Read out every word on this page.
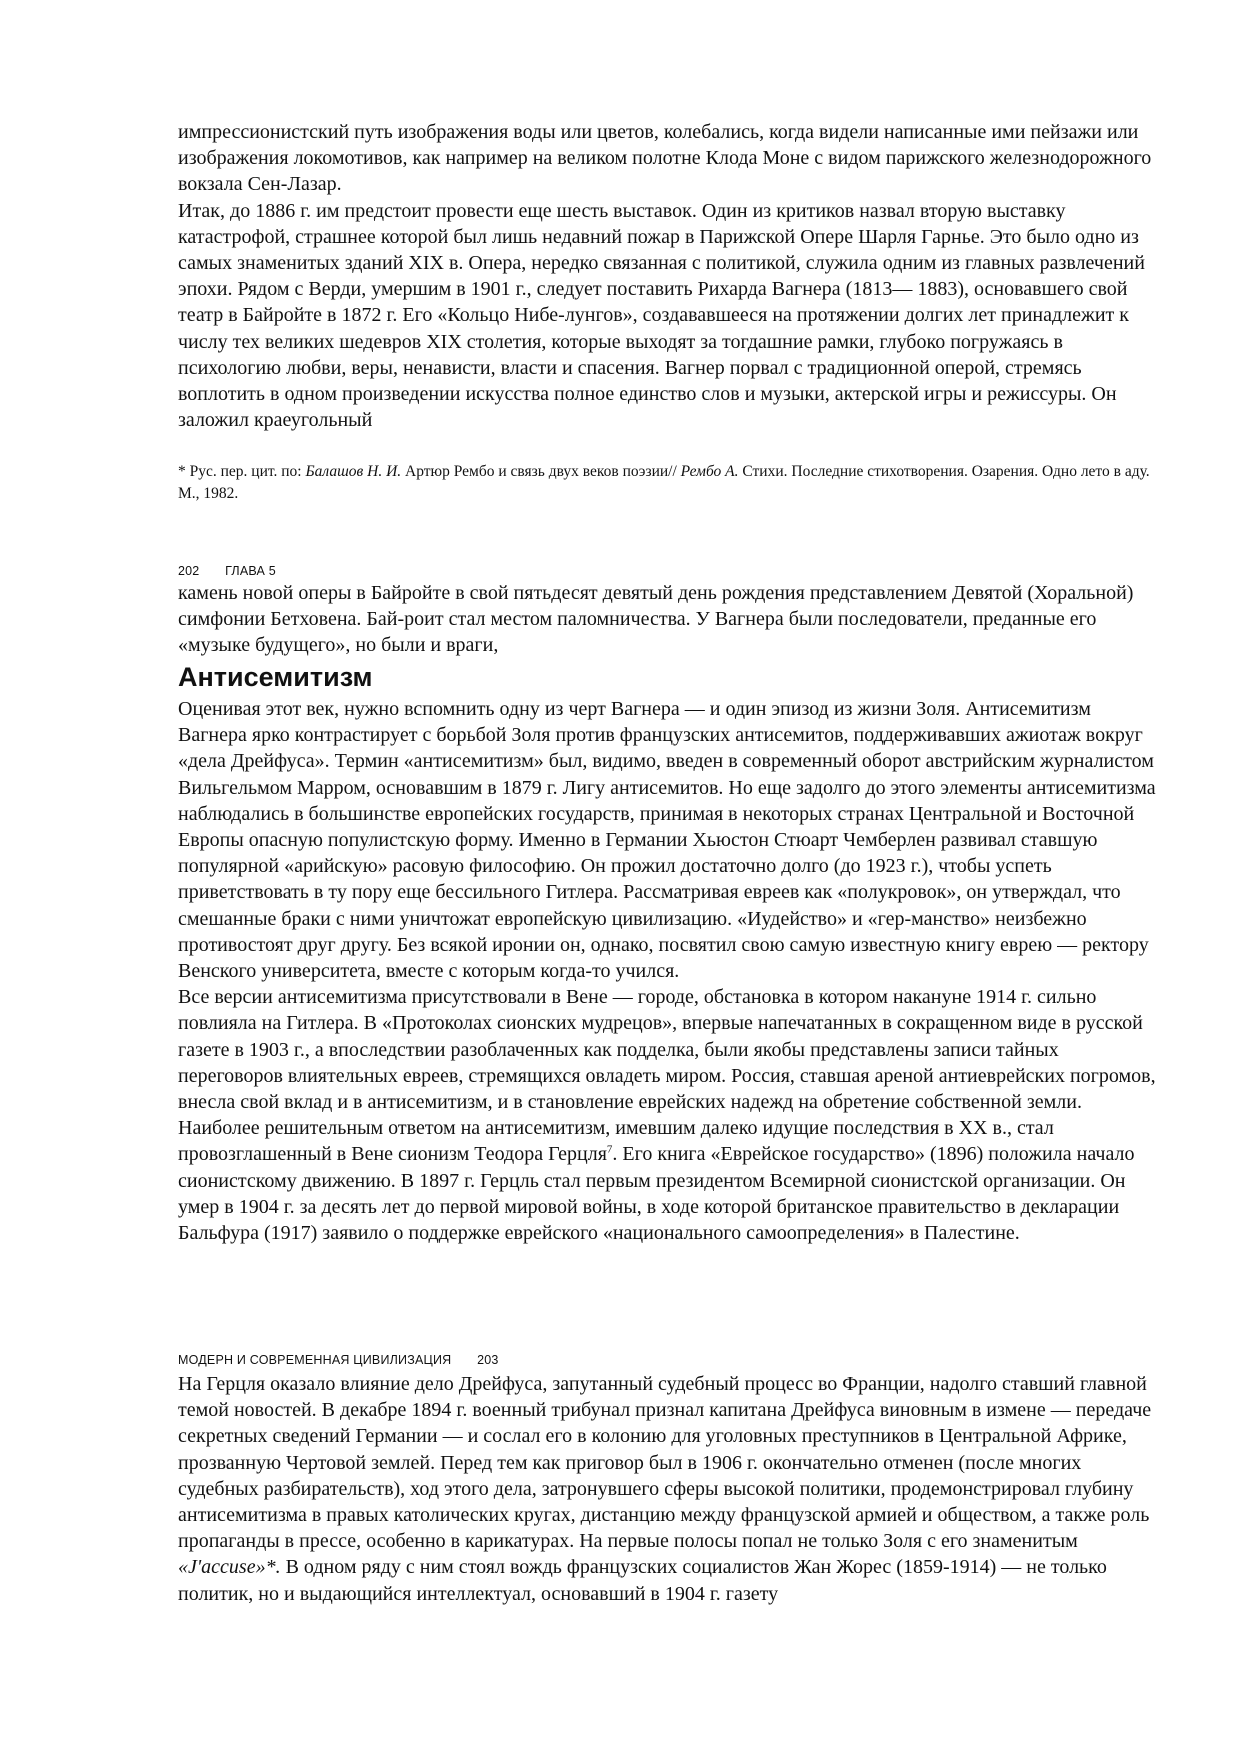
импрессионистский путь изображения воды или цветов, колебались, когда видели написанные ими пейзажи или изображения локомотивов, как например на великом полотне Клода Моне с видом парижского железнодорожного вокзала Сен-Лазар.

Итак, до 1886 г. им предстоит провести еще шесть выставок. Один из критиков назвал вторую выставку катастрофой, страшнее которой был лишь недавний пожар в Парижской Опере Шарля Гарнье. Это было одно из самых знаменитых зданий XIX в. Опера, нередко связанная с политикой, служила одним из главных развлечений эпохи. Рядом с Верди, умершим в 1901 г., следует поставить Рихарда Вагнера (1813— 1883), основавшего свой театр в Байройте в 1872 г. Его «Кольцо Нибе-лунгов», создававшееся на протяжении долгих лет принадлежит к числу тех великих шедевров XIX столетия, которые выходят за тогдашние рамки, глубоко погружаясь в психологию любви, веры, ненависти, власти и спасения. Вагнер порвал с традиционной оперой, стремясь воплотить в одном произведении искусства полное единство слов и музыки, актерской игры и режиссуры. Он заложил краеугольный

* Рус. пер. цит. по: Балашов Н. И. Артюр Рембо и связь двух веков поэзии// Рембо А. Стихи. Последние стихотворения. Озарения. Одно лето в аду. М., 1982.

202 ГЛАВА 5

камень новой оперы в Байройте в свой пятьдесят девятый день рождения представлением Девятой (Хоральной) симфонии Бетховена. Бай-роит стал местом паломничества. У Вагнера были последователи, преданные его «музыке будущего», но были и враги,

Антисемитизм

Оценивая этот век, нужно вспомнить одну из черт Вагнера — и один эпизод из жизни Золя. Антисемитизм Вагнера ярко контрастирует с борьбой Золя против французских антисемитов, поддерживавших ажиотаж вокруг «дела Дрейфуса». Термин «антисемитизм» был, видимо, введен в современный оборот австрийским журналистом Вильгельмом Марром, основавшим в 1879 г. Лигу антисемитов. Но еще задолго до этого элементы антисемитизма наблюдались в большинстве европейских государств, принимая в некоторых странах Центральной и Восточной Европы опасную популистскую форму. Именно в Германии Хьюстон Стюарт Чемберлен развивал ставшую популярной «арийскую» расовую философию. Он прожил достаточно долго (до 1923 г.), чтобы успеть приветствовать в ту пору еще бессильного Гитлера. Рассматривая евреев как «полукровок», он утверждал, что смешанные браки с ними уничтожат европейскую цивилизацию. «Иудейство» и «гер-манство» неизбежно противостоят друг другу. Без всякой иронии он, однако, посвятил свою самую известную книгу еврею — ректору Венского университета, вместе с которым когда-то учился.

Все версии антисемитизма присутствовали в Вене — городе, обстановка в котором накануне 1914 г. сильно повлияла на Гитлера. В «Протоколах сионских мудрецов», впервые напечатанных в сокращенном виде в русской газете в 1903 г., а впоследствии разоблаченных как подделка, были якобы представлены записи тайных переговоров влиятельных евреев, стремящихся овладеть миром. Россия, ставшая ареной антиеврейских погромов, внесла свой вклад и в антисемитизм, и в становление еврейских надежд на обретение собственной земли. Наиболее решительным ответом на антисемитизм, имевшим далеко идущие последствия в XX в., стал провозглашенный в Вене сионизм Теодора Герцля$^7$. Его книга «Еврейское государство» (1896) положила начало сионистскому движению. В 1897 г. Герцль стал первым президентом Всемирной сионистской организации. Он умер в 1904 г. за десять лет до первой мировой войны, в ходе которой британское правительство в декларации Бальфура (1917) заявило о поддержке еврейского «национального самоопределения» в Палестине.

МОДЕРН И СОВРЕМЕННАЯ ЦИВИЛИЗАЦИЯ 203

На Герцля оказало влияние дело Дрейфуса, запутанный судебный процесс во Франции, надолго ставший главной темой новостей. В декабре 1894 г. военный трибунал признал капитана Дрейфуса виновным в измене — передаче секретных сведений Германии — и сослал его в колонию для уголовных преступников в Центральной Африке, прозванную Чертовой землей. Перед тем как приговор был в 1906 г. окончательно отменен (после многих судебных разбирательств), ход этого дела, затронувшего сферы высокой политики, продемонстрировал глубину антисемитизма в правых католических кругах, дистанцию между французской армией и обществом, а также роль пропаганды в прессе, особенно в карикатурах. На первые полосы попал не только Золя с его знаменитым «J'accuse»*. В одном ряду с ним стоял вождь французских социалистов Жан Жорес (1859-1914) — не только политик, но и выдающийся интеллектуал, основавший в 1904 г. газету
